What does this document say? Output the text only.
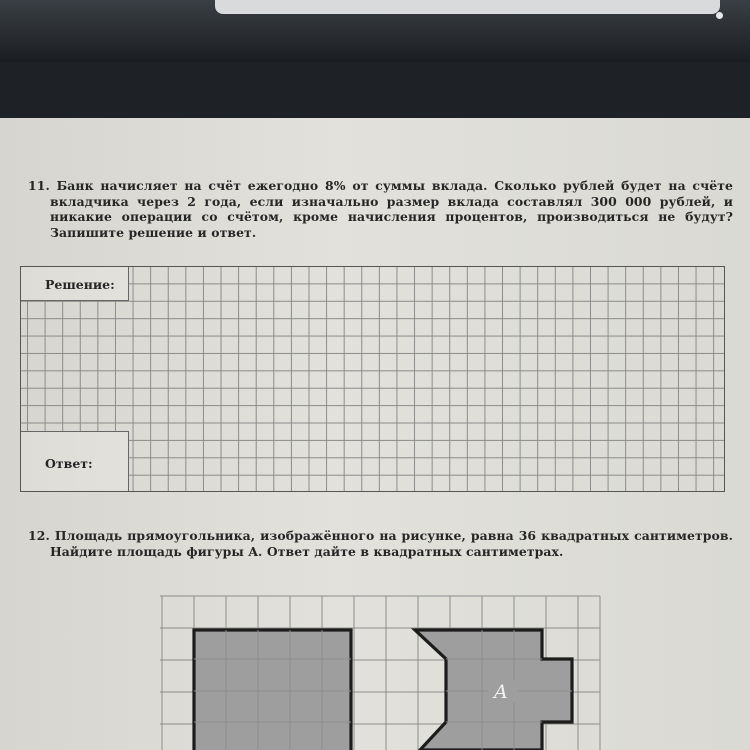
11. Банк начисляет на счёт ежегодно 8% от суммы вклада. Сколько рублей будет на счёте вкладчика через 2 года, если изначально размер вклада составлял 300 000 рублей, и никакие операции со счётом, кроме начисления процентов, производиться не будут? Запишите решение и ответ.

Решение:
Ответ:

12. Площадь прямоугольника, изображённого на рисунке, равна 36 квадратных сантиметров. Найдите площадь фигуры A. Ответ дайте в квадратных сантиметрах.

A
